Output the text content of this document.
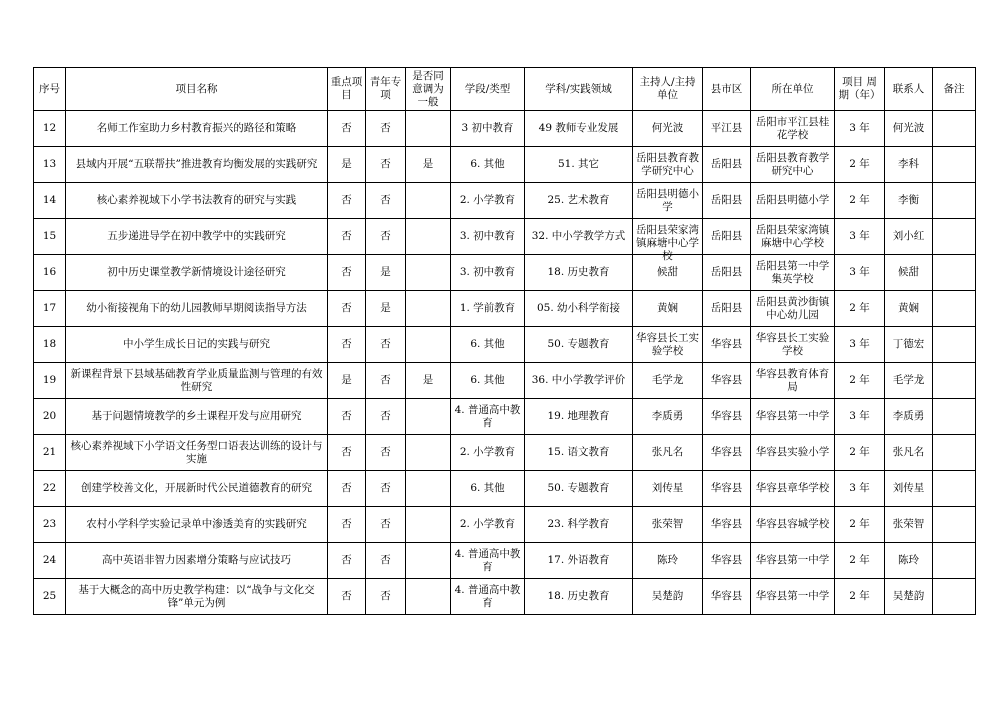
序号	项目名称	重点项目	青年专项	是否同意调为一般	学段/类型	学科/实践领域	主持人/主持单位	县市区	所在单位	项目 周期（年）	联系人	备注
12	名师工作室助力乡村教育振兴的路径和策略	否	否		3 初中教育	49 教师专业发展	何光波	平江县	岳阳市平江县桂花学校	3 年	何光波	
13	县域内开展“五联帮扶”推进教育均衡发展的实践研究	是	否	是	6. 其他	51. 其它	岳阳县教育教学研究中心	岳阳县	岳阳县教育教学研究中心	2 年	李科	
14	核心素养视域下小学书法教育的研究与实践	否	否		2. 小学教育	25. 艺术教育	岳阳县明德小学	岳阳县	岳阳县明德小学	2 年	李衡	
15	五步递进导学在初中教学中的实践研究	否	否		3. 初中教育	32. 中小学教学方式	岳阳县荣家湾镇麻塘中心学校	岳阳县	岳阳县荣家湾镇麻塘中心学校	3 年	刘小红	
16	初中历史课堂教学新情境设计途径研究	否	是		3. 初中教育	18. 历史教育	候甜	岳阳县	岳阳县第一中学集英学校	3 年	候甜	
17	幼小衔接视角下的幼儿园教师早期阅读指导方法	否	是		1. 学前教育	05. 幼小科学衔接	黄娴	岳阳县	岳阳县黄沙街镇中心幼儿园	2 年	黄娴	
18	中小学生成长日记的实践与研究	否	否		6. 其他	50. 专题教育	华容县长工实验学校	华容县	华容县长工实验学校	3 年	丁德宏	
19	新课程背景下县域基础教育学业质量监测与管理的有效性研究	是	否	是	6. 其他	36. 中小学教学评价	毛学龙	华容县	华容县教育体育局	2 年	毛学龙	
20	基于问题情境教学的乡土课程开发与应用研究	否	否		4. 普通高中教育	19. 地理教育	李质勇	华容县	华容县第一中学	3 年	李质勇	
21	核心素养视域下小学语文任务型口语表达训练的设计与实施	否	否		2. 小学教育	15. 语文教育	张凡名	华容县	华容县实验小学	2 年	张凡名	
22	创建学校善文化，开展新时代公民道德教育的研究	否	否		6. 其他	50. 专题教育	刘传星	华容县	华容县章华学校	3 年	刘传星	
23	农村小学科学实验记录单中渗透美育的实践研究	否	否		2. 小学教育	23. 科学教育	张荣智	华容县	华容县容城学校	2 年	张荣智	
24	高中英语非智力因素增分策略与应试技巧	否	否		4. 普通高中教育	17. 外语教育	陈玲	华容县	华容县第一中学	2 年	陈玲	
25	基于大概念的高中历史教学构建：以“战争与文化交锋”单元为例	否	否		4. 普通高中教育	18. 历史教育	吴楚韵	华容县	华容县第一中学	2 年	吴楚韵	
